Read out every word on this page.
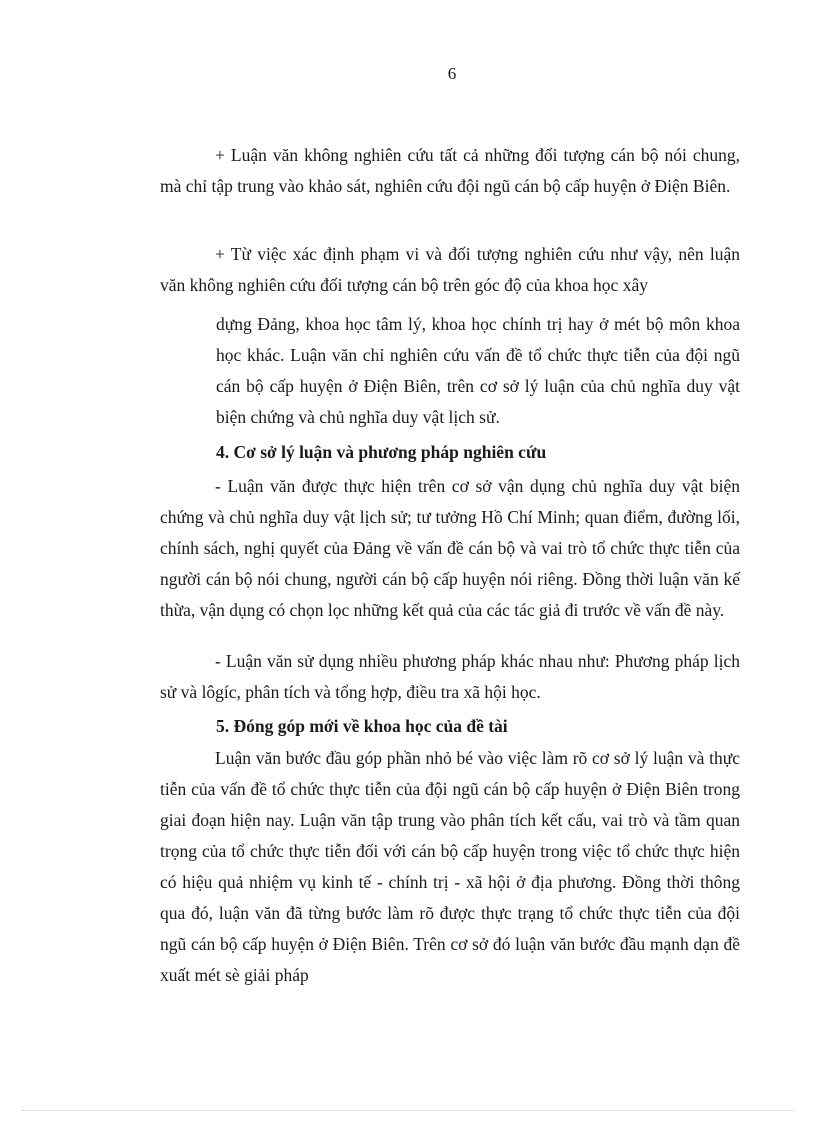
6

+ Luận văn không nghiên cứu tất cả những đối tượng cán bộ nói chung, mà chỉ tập trung vào khảo sát, nghiên cứu đội ngũ cán bộ cấp huyện ở Điện Biên.

+ Từ việc xác định phạm vi và đối tượng nghiên cứu như vậy, nên luận văn không nghiên cứu đối tượng cán bộ trên góc độ của khoa học xây

dựng Đảng, khoa học tâm lý, khoa học chính trị hay ở mét bộ môn khoa học khác. Luận văn chỉ nghiên cứu vấn đề tổ chức thực tiễn của đội ngũ cán bộ cấp huyện ở Điện Biên, trên cơ sở lý luận của chủ nghĩa duy vật biện chứng và chủ nghĩa duy vật lịch sử.

4. Cơ sở lý luận và phương pháp nghiên cứu

- Luận văn được thực hiện trên cơ sở vận dụng chủ nghĩa duy vật biện chứng và chủ nghĩa duy vật lịch sử; tư tưởng Hồ Chí Minh; quan điểm, đường lối, chính sách, nghị quyết của Đảng về vấn đề cán bộ và vai trò tổ chức thực tiễn của người cán bộ nói chung, người cán bộ cấp huyện nói riêng. Đồng thời luận văn kế thừa, vận dụng có chọn lọc những kết quả của các tác giả đi trước về vấn đề này.

- Luận văn sử dụng nhiều phương pháp khác nhau như: Phương pháp lịch sử và lôgíc, phân tích và tổng hợp, điều tra xã hội học.

5. Đóng góp mới về khoa học của đề tài

Luận văn bước đầu góp phần nhỏ bé vào việc làm rõ cơ sở lý luận và thực tiễn của vấn đề tổ chức thực tiễn của đội ngũ cán bộ cấp huyện ở Điện Biên trong giai đoạn hiện nay. Luận văn tập trung vào phân tích kết cấu, vai trò và tầm quan trọng của tổ chức thực tiễn đối với cán bộ cấp huyện trong việc tổ chức thực hiện có hiệu quả nhiệm vụ kinh tế - chính trị - xã hội ở địa phương. Đồng thời thông qua đó, luận văn đã từng bước làm rõ được thực trạng tổ chức thực tiễn của đội ngũ cán bộ cấp huyện ở Điện Biên. Trên cơ sở đó luận văn bước đầu mạnh dạn đề xuất mét sè giải pháp
